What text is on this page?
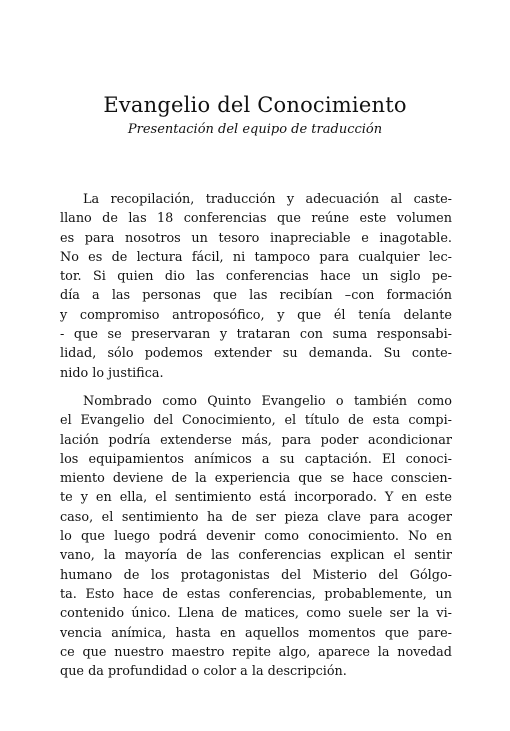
Evangelio del Conocimiento
Presentación del equipo de traducción

La recopilación, traducción y adecuación al caste-
llano de las 18 conferencias que reúne este volumen
es para nosotros un tesoro inapreciable e inagotable.
No es de lectura fácil, ni tampoco para cualquier lec-
tor. Si quien dio las conferencias hace un siglo pe-
día a las personas que las recibían –con formación
y compromiso antroposófico, y que él tenía delante
- que se preservaran y trataran con suma responsabi-
lidad, sólo podemos extender su demanda. Su conte-
nido lo justifica.

Nombrado como Quinto Evangelio o también como
el Evangelio del Conocimiento, el título de esta compi-
lación podría extenderse más, para poder acondicionar
los equipamientos anímicos a su captación. El conoci-
miento deviene de la experiencia que se hace conscien-
te y en ella, el sentimiento está incorporado. Y en este
caso, el sentimiento ha de ser pieza clave para acoger
lo que luego podrá devenir como conocimiento. No en
vano, la mayoría de las conferencias explican el sentir
humano de los protagonistas del Misterio del Gólgo-
ta. Esto hace de estas conferencias, probablemente, un
contenido único. Llena de matices, como suele ser la vi-
vencia anímica, hasta en aquellos momentos que pare-
ce que nuestro maestro repite algo, aparece la novedad
que da profundidad o color a la descripción.
